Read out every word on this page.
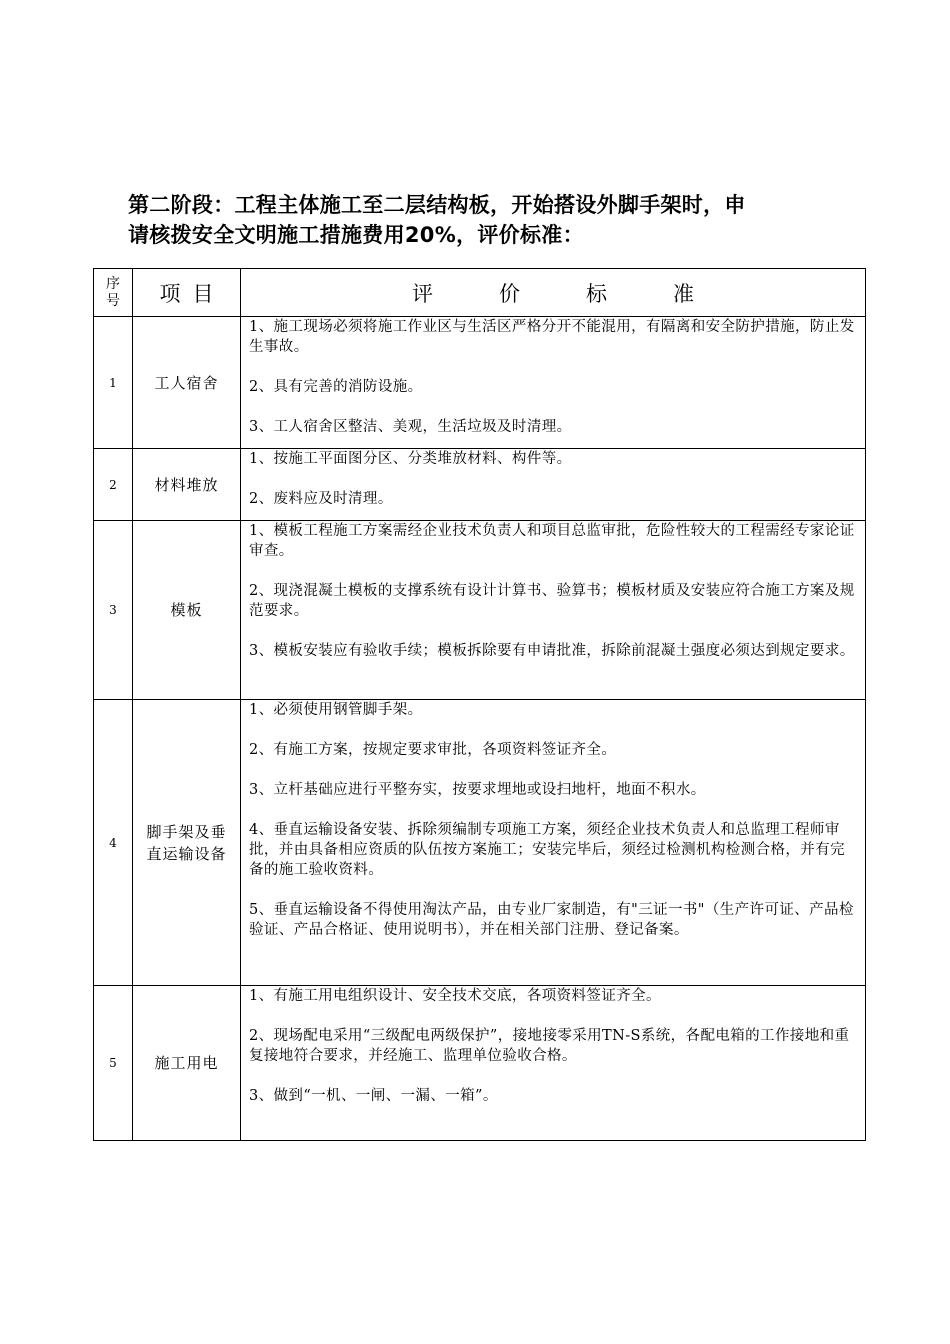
第二阶段：工程主体施工至二层结构板，开始搭设外脚手架时，申
请核拨安全文明施工措施费用20%，评价标准：
序号	项目	评价标准
1	工人宿舍	1、施工现场必须将施工作业区与生活区严格分开不能混用，有隔离和安全防护措施，防止发生事故。

2、具有完善的消防设施。

3、工人宿舍区整洁、美观，生活垃圾及时清理。

2	材料堆放	1、按施工平面图分区、分类堆放材料、构件等。

2、废料应及时清理。

3	模板	1、模板工程施工方案需经企业技术负责人和项目总监审批，危险性较大的工程需经专家论证审查。

2、现浇混凝土模板的支撑系统有设计计算书、验算书；模板材质及安装应符合施工方案及规范要求。

3、模板安装应有验收手续；模板拆除要有申请批准，拆除前混凝土强度必须达到规定要求。

4	脚手架及垂直运输设备	1、必须使用钢管脚手架。

2、有施工方案，按规定要求审批，各项资料签证齐全。

3、立杆基础应进行平整夯实，按要求埋地或设扫地杆，地面不积水。

4、垂直运输设备安装、拆除须编制专项施工方案，须经企业技术负责人和总监理工程师审批，并由具备相应资质的队伍按方案施工；安装完毕后，须经过检测机构检测合格，并有完备的施工验收资料。

5、垂直运输设备不得使用淘汰产品，由专业厂家制造，有"三证一书"（生产许可证、产品检验证、产品合格证、使用说明书），并在相关部门注册、登记备案。

5	施工用电	1、有施工用电组织设计、安全技术交底，各项资料签证齐全。

2、现场配电采用“三级配电两级保护”，接地接零采用TN-S系统，各配电箱的工作接地和重复接地符合要求，并经施工、监理单位验收合格。

3、做到“一机、一闸、一漏、一箱”。
